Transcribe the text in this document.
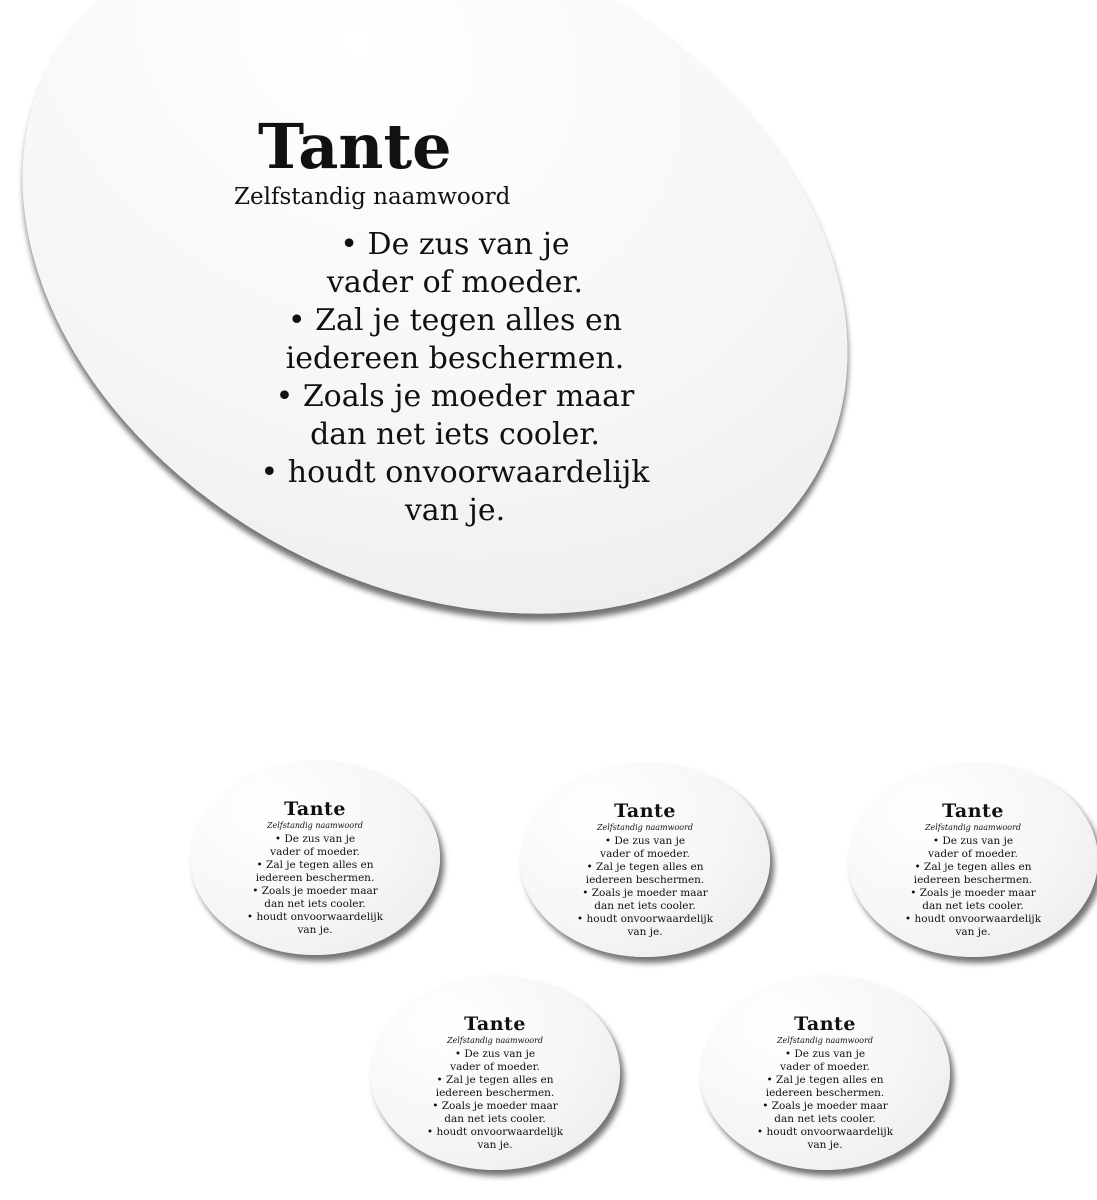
Tante
Zelfstandig naamwoord
• De zus van je
vader of moeder.
• Zal je tegen alles en
iedereen beschermen.
• Zoals je moeder maar
dan net iets cooler.
• houdt onvoorwaardelijk
van je.
Tante
Zelfstandig naamwoord
• De zus van je
vader of moeder.
• Zal je tegen alles en
iedereen beschermen.
• Zoals je moeder maar
dan net iets cooler.
• houdt onvoorwaardelijk
van je.
Tante
Zelfstandig naamwoord
• De zus van je
vader of moeder.
• Zal je tegen alles en
iedereen beschermen.
• Zoals je moeder maar
dan net iets cooler.
• houdt onvoorwaardelijk
van je.
Tante
Zelfstandig naamwoord
• De zus van je
vader of moeder.
• Zal je tegen alles en
iedereen beschermen.
• Zoals je moeder maar
dan net iets cooler.
• houdt onvoorwaardelijk
van je.
Tante
Zelfstandig naamwoord
• De zus van je
vader of moeder.
• Zal je tegen alles en
iedereen beschermen.
• Zoals je moeder maar
dan net iets cooler.
• houdt onvoorwaardelijk
van je.
Tante
Zelfstandig naamwoord
• De zus van je
vader of moeder.
• Zal je tegen alles en
iedereen beschermen.
• Zoals je moeder maar
dan net iets cooler.
• houdt onvoorwaardelijk
van je.
